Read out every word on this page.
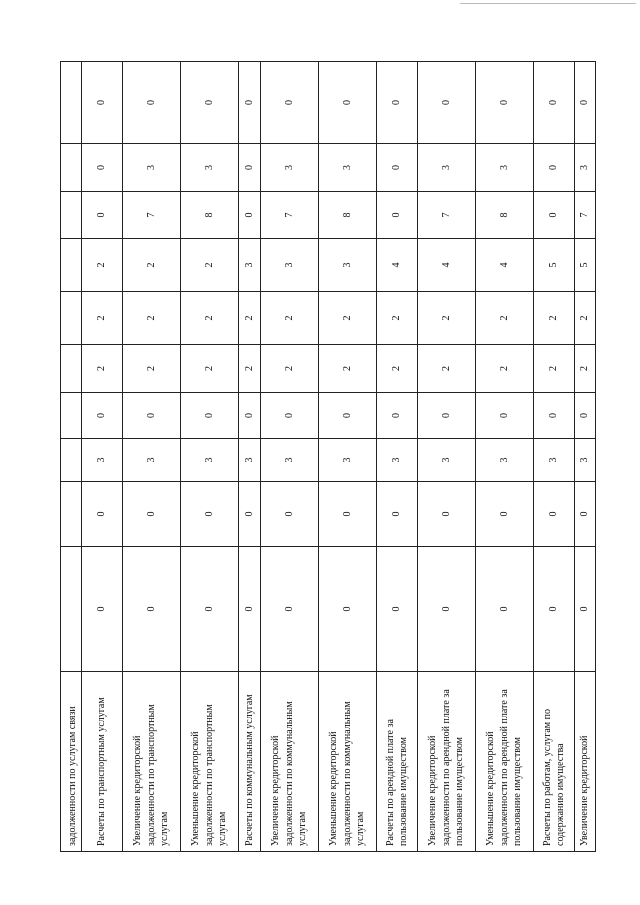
задолженности по услугам связи										
Расчеты по транспортным услугам	0	0	3	0	2	2	2	0	0	0
Увеличение кредиторской задолженности по транспортным услугам	0	0	3	0	2	2	2	7	3	0
Уменьшение кредиторской задолженности по транспортным услугам	0	0	3	0	2	2	2	8	3	0
Расчеты по коммунальным услугам	0	0	3	0	2	2	3	0	0	0
Увеличение кредиторской задолженности по коммунальным услугам	0	0	3	0	2	2	3	7	3	0
Уменьшение кредиторской задолженности по коммунальным услугам	0	0	3	0	2	2	3	8	3	0
Расчеты по арендной плате за пользование имуществом	0	0	3	0	2	2	4	0	0	0
Увеличение кредиторской задолженности по арендной плате за пользование имуществом	0	0	3	0	2	2	4	7	3	0
Уменьшение кредиторской задолженности по арендной плате за пользование имуществом	0	0	3	0	2	2	4	8	3	0
Расчеты по работам, услугам по содержанию имущества	0	0	3	0	2	2	5	0	0	0
Увеличение кредиторской	0	0	3	0	2	2	5	7	3	0
